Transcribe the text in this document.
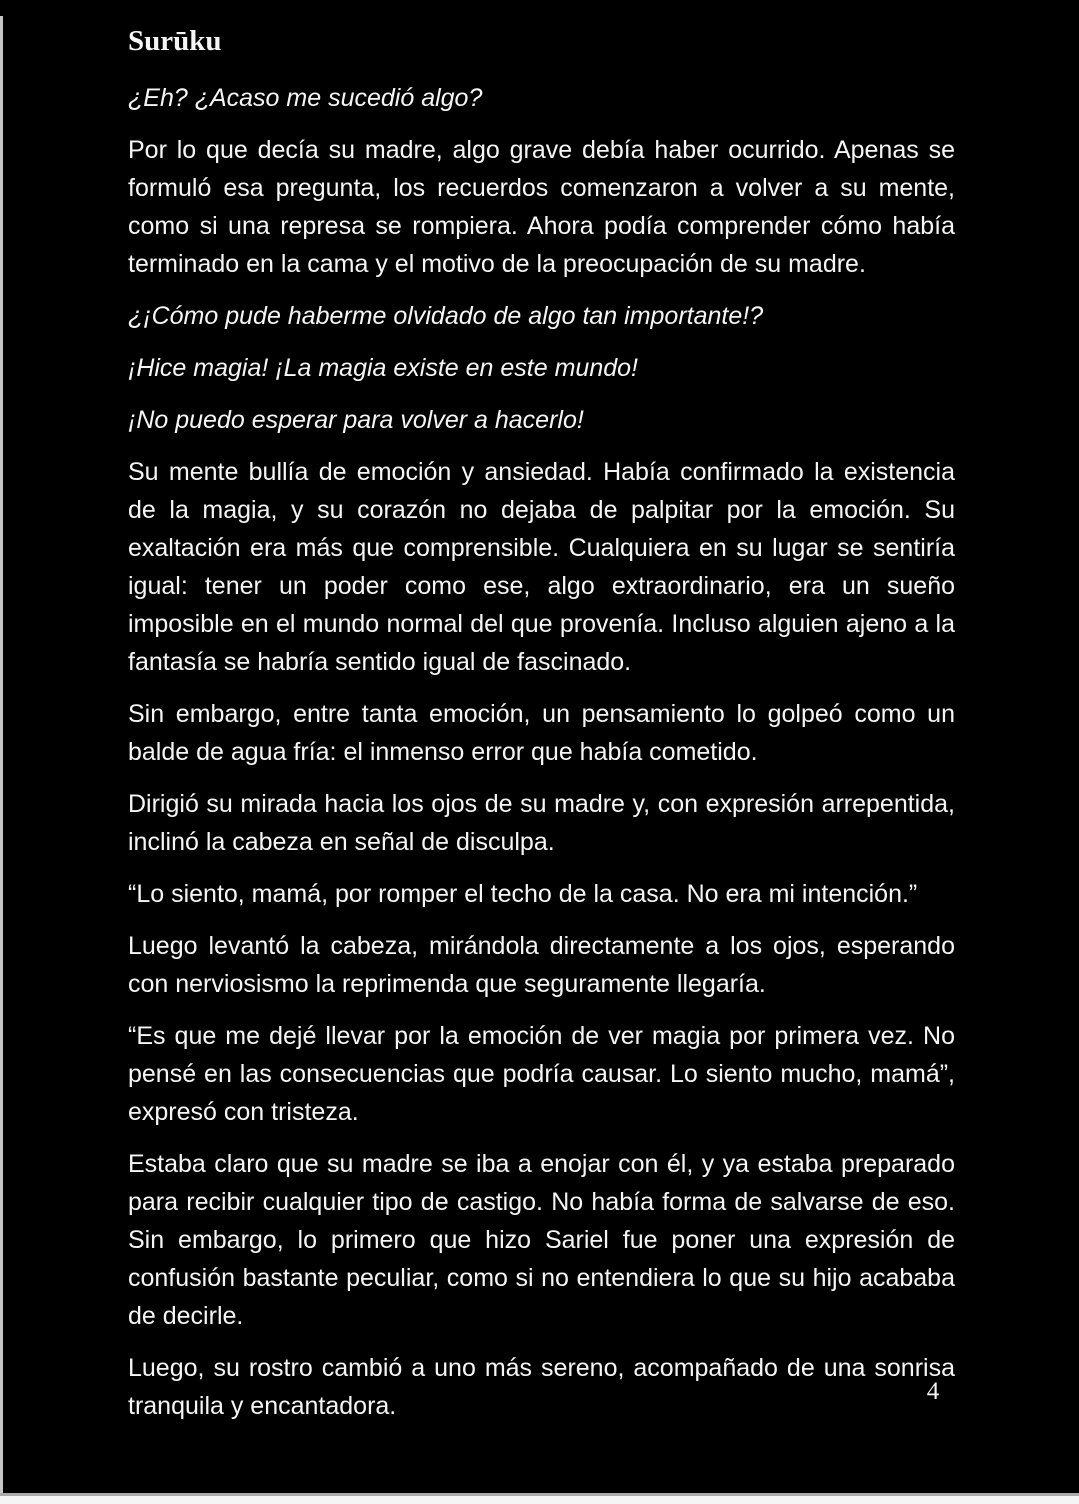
Surūku

¿Eh? ¿Acaso me sucedió algo?

Por lo que decía su madre, algo grave debía haber ocurrido. Apenas se formuló esa pregunta, los recuerdos comenzaron a volver a su mente, como si una represa se rompiera. Ahora podía comprender cómo había terminado en la cama y el motivo de la preocupación de su madre.

¿¡Cómo pude haberme olvidado de algo tan importante!?

¡Hice magia! ¡La magia existe en este mundo!

¡No puedo esperar para volver a hacerlo!

Su mente bullía de emoción y ansiedad. Había confirmado la existencia de la magia, y su corazón no dejaba de palpitar por la emoción. Su exaltación era más que comprensible. Cualquiera en su lugar se sentiría igual: tener un poder como ese, algo extraordinario, era un sueño imposible en el mundo normal del que provenía. Incluso alguien ajeno a la fantasía se habría sentido igual de fascinado.

Sin embargo, entre tanta emoción, un pensamiento lo golpeó como un balde de agua fría: el inmenso error que había cometido.

Dirigió su mirada hacia los ojos de su madre y, con expresión arrepentida, inclinó la cabeza en señal de disculpa.

“Lo siento, mamá, por romper el techo de la casa. No era mi intención.”

Luego levantó la cabeza, mirándola directamente a los ojos, esperando con nerviosismo la reprimenda que seguramente llegaría.

“Es que me dejé llevar por la emoción de ver magia por primera vez. No pensé en las consecuencias que podría causar. Lo siento mucho, mamá”, expresó con tristeza.

Estaba claro que su madre se iba a enojar con él, y ya estaba preparado para recibir cualquier tipo de castigo. No había forma de salvarse de eso. Sin embargo, lo primero que hizo Sariel fue poner una expresión de confusión bastante peculiar, como si no entendiera lo que su hijo acababa de decirle.

Luego, su rostro cambió a uno más sereno, acompañado de una sonrisa tranquila y encantadora.

4
